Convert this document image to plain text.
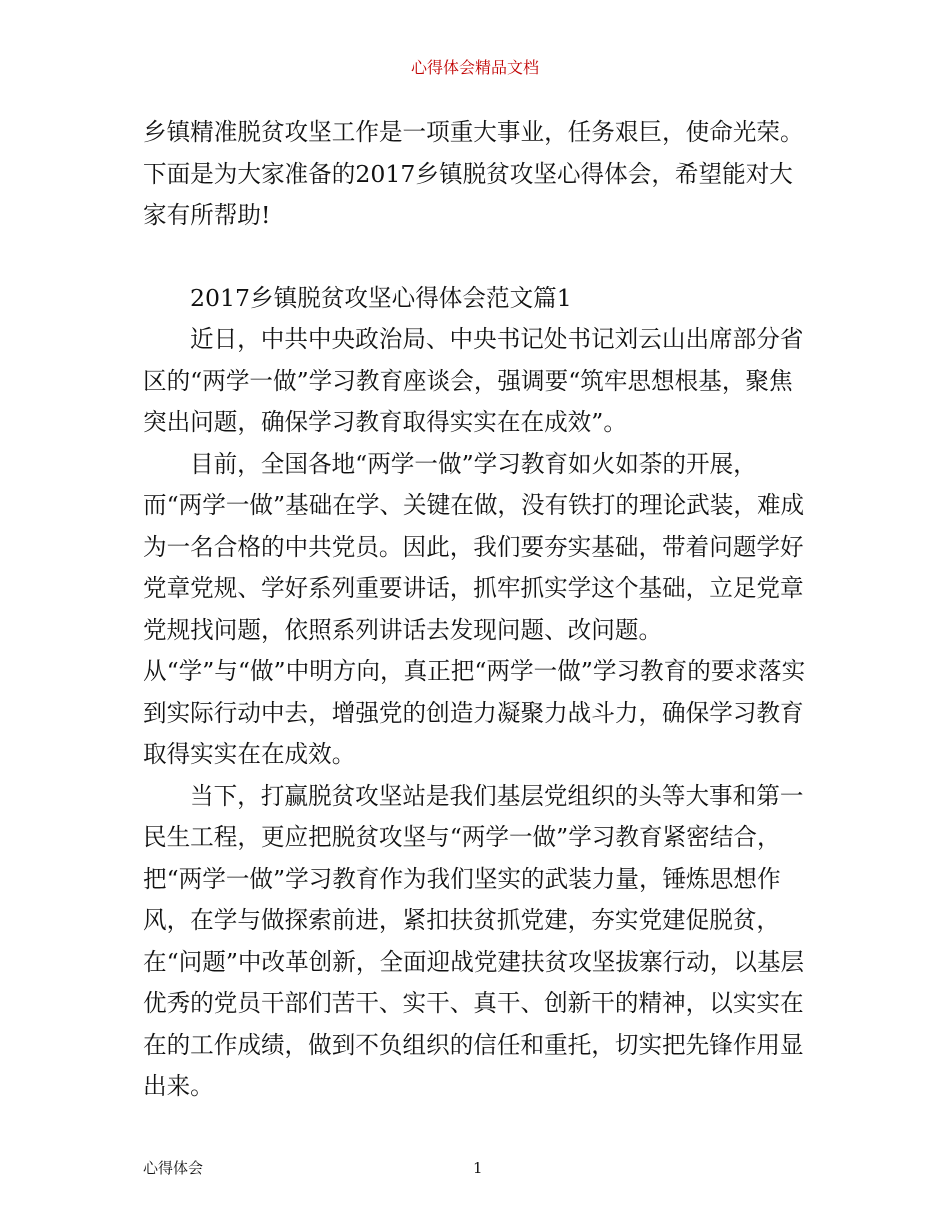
心得体会精品文档

乡镇精准脱贫攻坚工作是一项重大事业，任务艰巨，使命光荣。下面是为大家准备的2017乡镇脱贫攻坚心得体会，希望能对大家有所帮助!

2017乡镇脱贫攻坚心得体会范文篇1

近日，中共中央政治局、中央书记处书记刘云山出席部分省区的“两学一做”学习教育座谈会，强调要“筑牢思想根基，聚焦突出问题，确保学习教育取得实实在在成效”。

目前，全国各地“两学一做”学习教育如火如荼的开展，而“两学一做”基础在学、关键在做，没有铁打的理论武装，难成为一名合格的中共党员。因此，我们要夯实基础，带着问题学好党章党规、学好系列重要讲话，抓牢抓实学这个基础，立足党章党规找问题，依照系列讲话去发现问题、改问题。

从“学”与“做”中明方向，真正把“两学一做”学习教育的要求落实到实际行动中去，增强党的创造力凝聚力战斗力，确保学习教育取得实实在在成效。

当下，打赢脱贫攻坚站是我们基层党组织的头等大事和第一民生工程，更应把脱贫攻坚与“两学一做”学习教育紧密结合，把“两学一做”学习教育作为我们坚实的武装力量，锤炼思想作风，在学与做探索前进，紧扣扶贫抓党建，夯实党建促脱贫，在“问题”中改革创新，全面迎战党建扶贫攻坚拔寨行动，以基层优秀的党员干部们苦干、实干、真干、创新干的精神，以实实在在的工作成绩，做到不负组织的信任和重托，切实把先锋作用显出来。

心得体会	1
